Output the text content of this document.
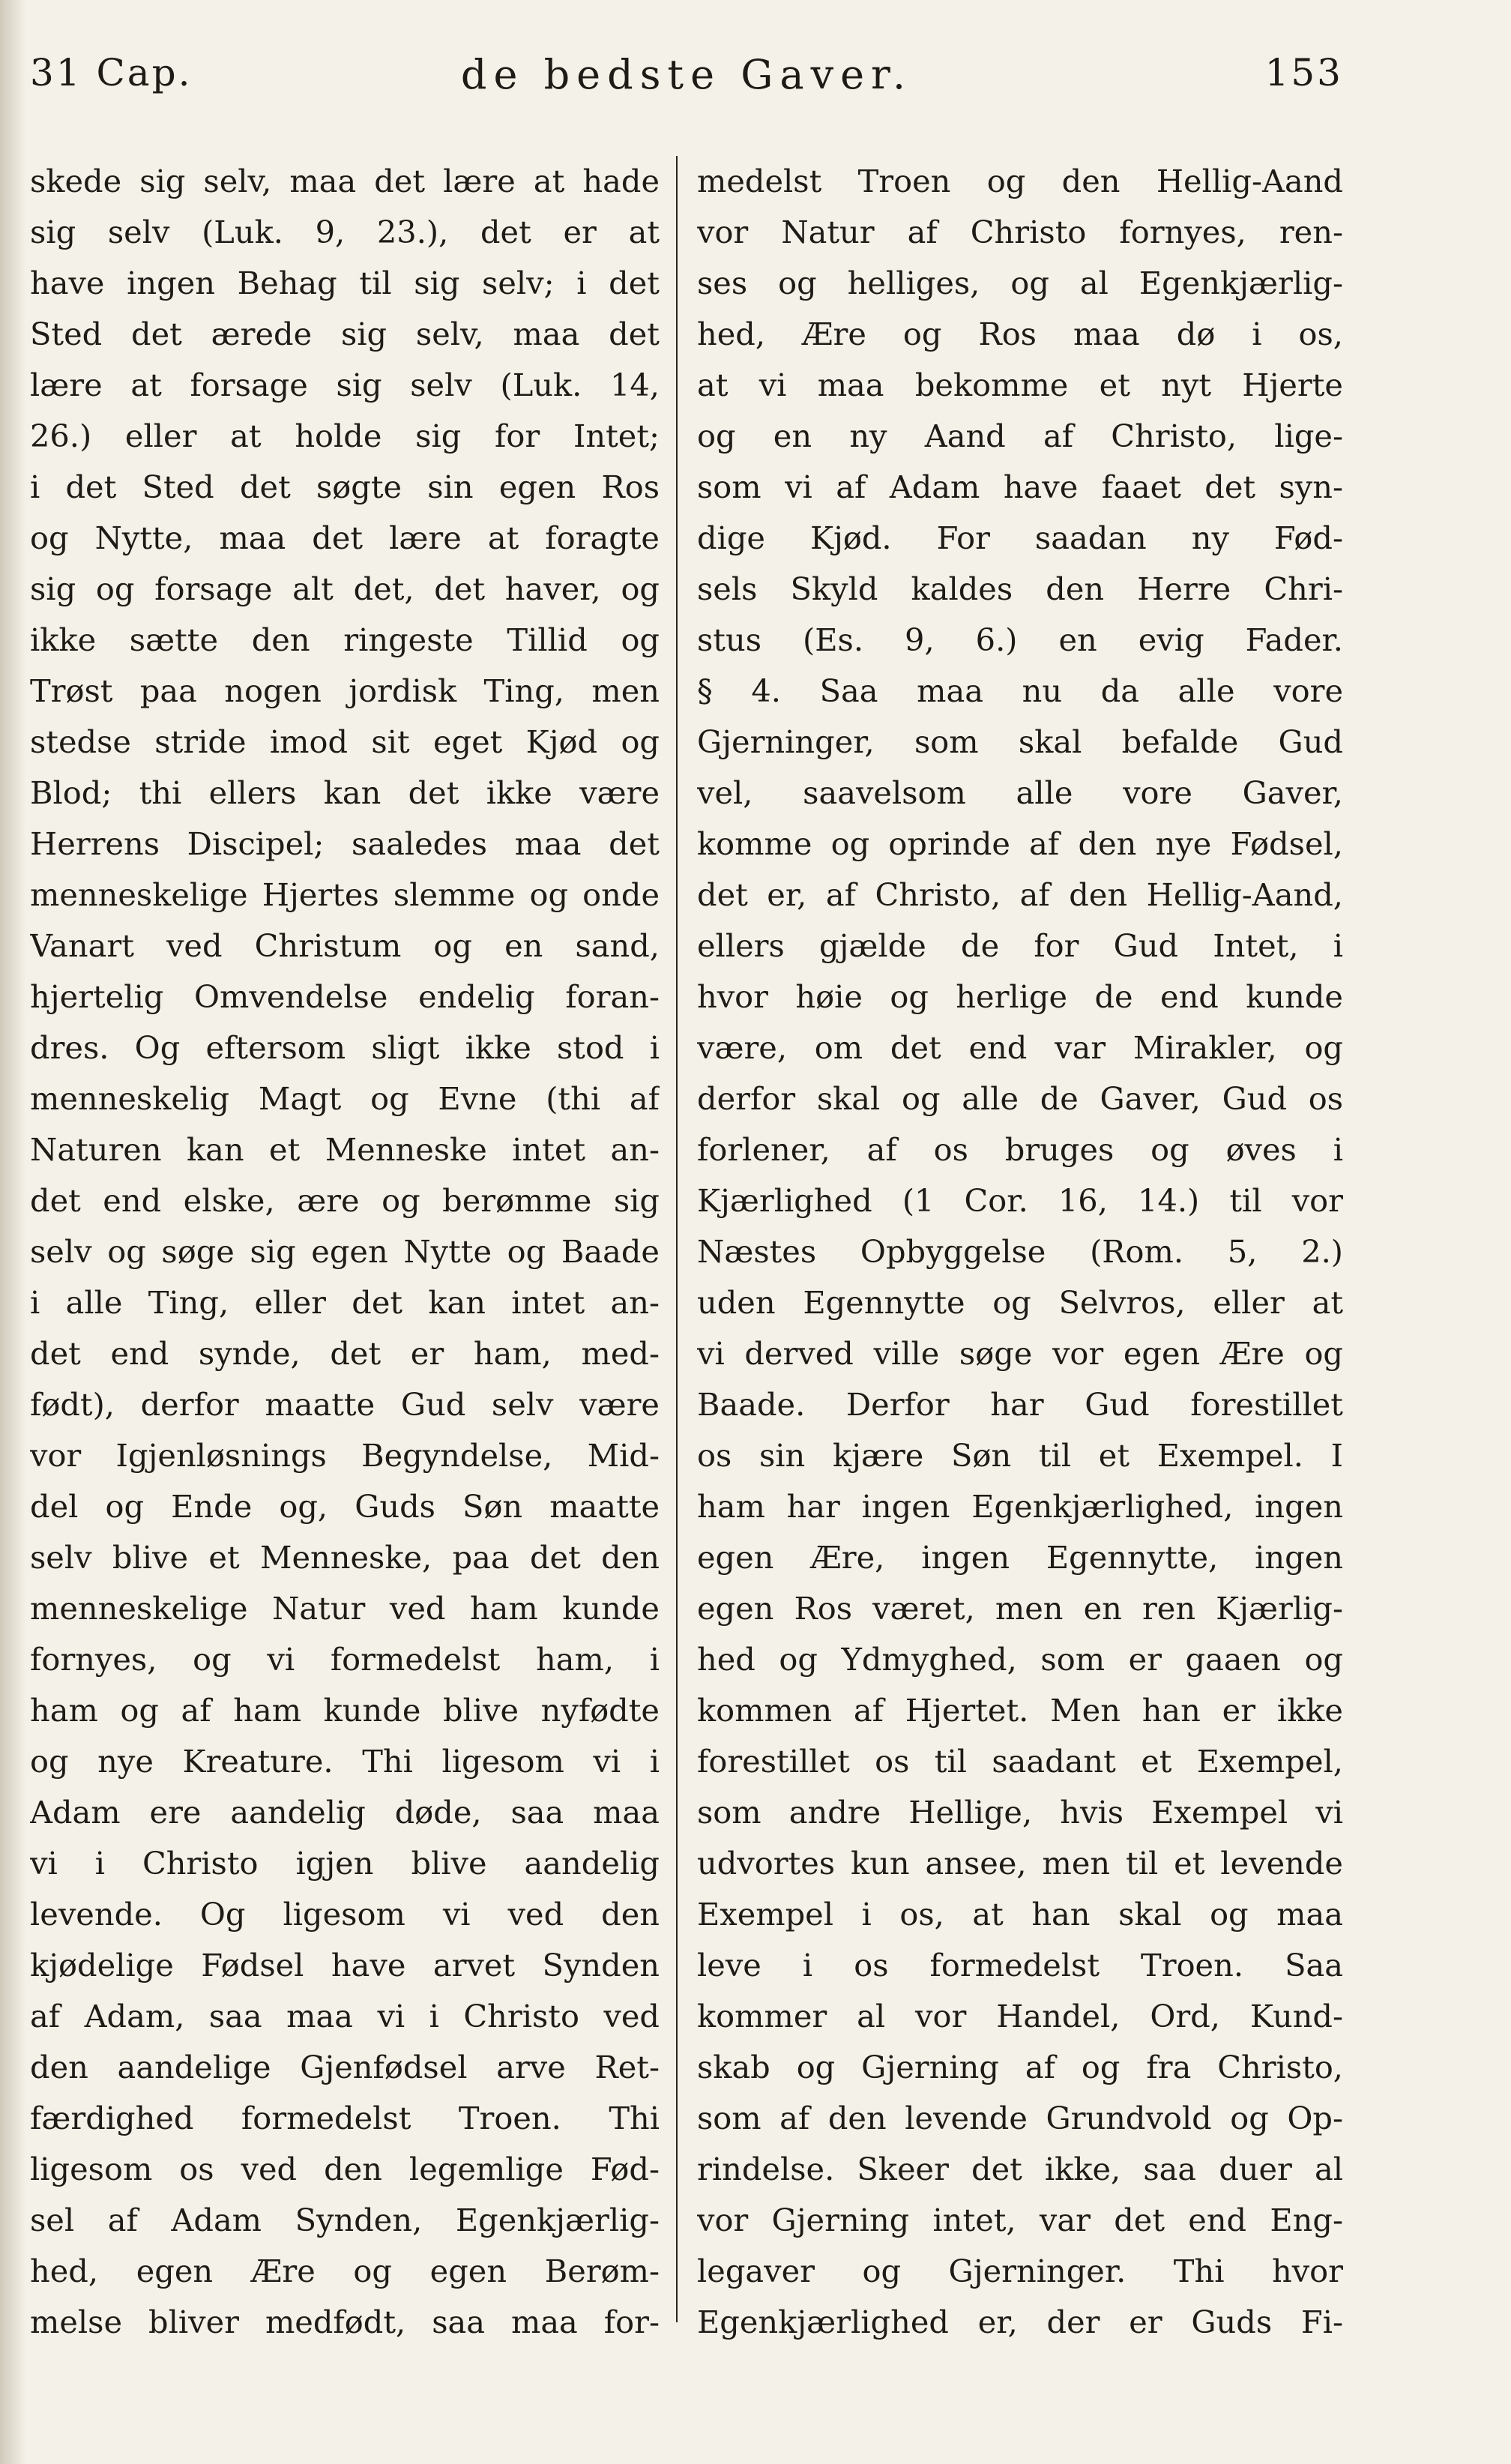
31 Cap.	de bedste Gaver.	153
skede sig selv, maa det lære at hade
sig selv (Luk. 9, 23.), det er at
have ingen Behag til sig selv; i det
Sted det ærede sig selv, maa det
lære at forsage sig selv (Luk. 14,
26.) eller at holde sig for Intet;
i det Sted det søgte sin egen Ros
og Nytte, maa det lære at foragte
sig og forsage alt det, det haver, og
ikke sætte den ringeste Tillid og
Trøst paa nogen jordisk Ting, men
stedse stride imod sit eget Kjød og
Blod; thi ellers kan det ikke være
Herrens Discipel; saaledes maa det
menneskelige Hjertes slemme og onde
Vanart ved Christum og en sand,
hjertelig Omvendelse endelig foran-
dres. Og eftersom sligt ikke stod i
menneskelig Magt og Evne (thi af
Naturen kan et Menneske intet an-
det end elske, ære og berømme sig
selv og søge sig egen Nytte og Baade
i alle Ting, eller det kan intet an-
det end synde, det er ham, med-
født), derfor maatte Gud selv være
vor Igjenløsnings Begyndelse, Mid-
del og Ende og, Guds Søn maatte
selv blive et Menneske, paa det den
menneskelige Natur ved ham kunde
fornyes, og vi formedelst ham, i
ham og af ham kunde blive nyfødte
og nye Kreature. Thi ligesom vi i
Adam ere aandelig døde, saa maa
vi i Christo igjen blive aandelig
levende. Og ligesom vi ved den
kjødelige Fødsel have arvet Synden
af Adam, saa maa vi i Christo ved
den aandelige Gjenfødsel arve Ret-
færdighed formedelst Troen. Thi
ligesom os ved den legemlige Fød-
sel af Adam Synden, Egenkjærlig-
hed, egen Ære og egen Berøm-
melse bliver medfødt, saa maa for-
medelst Troen og den Hellig-Aand
vor Natur af Christo fornyes, ren-
ses og helliges, og al Egenkjærlig-
hed, Ære og Ros maa dø i os,
at vi maa bekomme et nyt Hjerte
og en ny Aand af Christo, lige-
som vi af Adam have faaet det syn-
dige Kjød. For saadan ny Fød-
sels Skyld kaldes den Herre Chri-
stus (Es. 9, 6.) en evig Fader.
§ 4. Saa maa nu da alle vore
Gjerninger, som skal befalde Gud
vel, saavelsom alle vore Gaver,
komme og oprinde af den nye Fødsel,
det er, af Christo, af den Hellig-Aand,
ellers gjælde de for Gud Intet, i
hvor høie og herlige de end kunde
være, om det end var Mirakler, og
derfor skal og alle de Gaver, Gud os
forlener, af os bruges og øves i
Kjærlighed (1 Cor. 16, 14.) til vor
Næstes Opbyggelse (Rom. 5, 2.)
uden Egennytte og Selvros, eller at
vi derved ville søge vor egen Ære og
Baade. Derfor har Gud forestillet
os sin kjære Søn til et Exempel. I
ham har ingen Egenkjærlighed, ingen
egen Ære, ingen Egennytte, ingen
egen Ros været, men en ren Kjærlig-
hed og Ydmyghed, som er gaaen og
kommen af Hjertet. Men han er ikke
forestillet os til saadant et Exempel,
som andre Hellige, hvis Exempel vi
udvortes kun ansee, men til et levende
Exempel i os, at han skal og maa
leve i os formedelst Troen. Saa
kommer al vor Handel, Ord, Kund-
skab og Gjerning af og fra Christo,
som af den levende Grundvold og Op-
rindelse. Skeer det ikke, saa duer al
vor Gjerning intet, var det end Eng-
legaver og Gjerninger. Thi hvor
Egenkjærlighed er, der er Guds Fi-
